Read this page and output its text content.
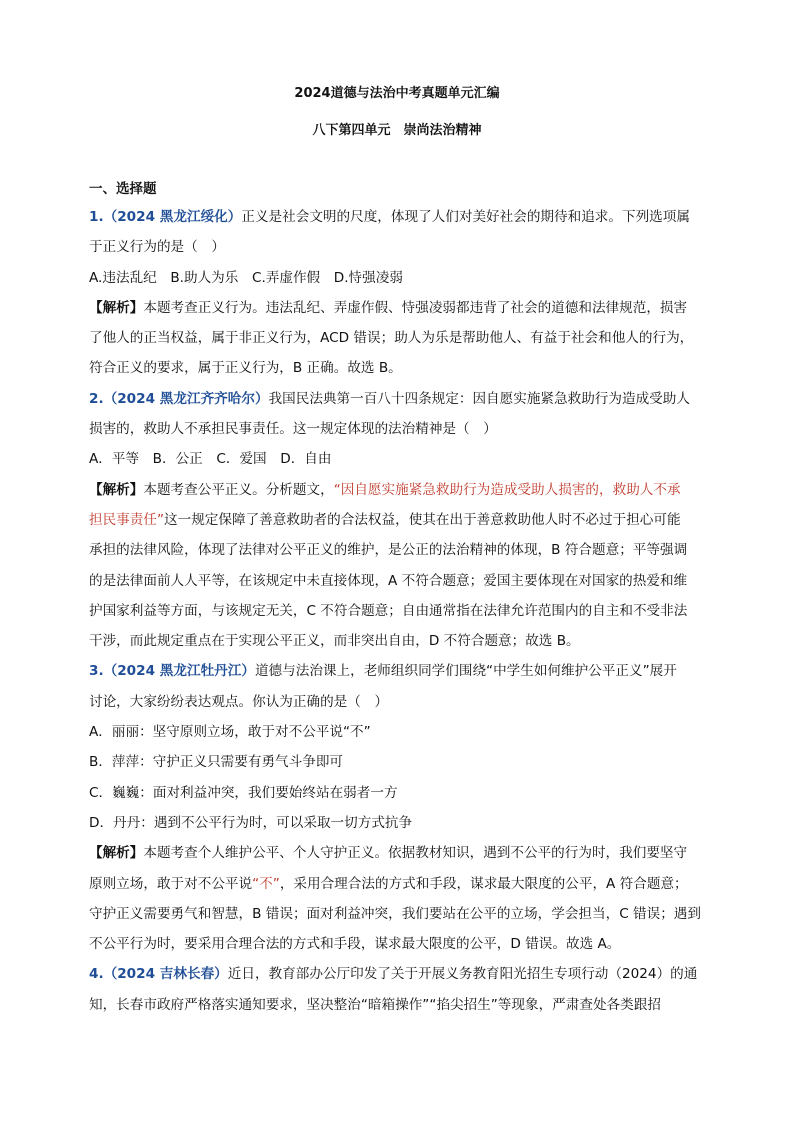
2024道德与法治中考真题单元汇编
八下第四单元　崇尚法治精神
一、选择题
1.（2024 黑龙江绥化）正义是社会文明的尺度，体现了人们对美好社会的期待和追求。下列选项属
于正义行为的是（　）
A.违法乱纪　B.助人为乐　C.弄虚作假　D.恃强凌弱
【解析】本题考查正义行为。违法乱纪、弄虚作假、恃强凌弱都违背了社会的道德和法律规范，损害
了他人的正当权益，属于非正义行为，ACD 错误；助人为乐是帮助他人、有益于社会和他人的行为，
符合正义的要求，属于正义行为，B 正确。故选 B。
2.（2024 黑龙江齐齐哈尔）我国民法典第一百八十四条规定：因自愿实施紧急救助行为造成受助人
损害的，救助人不承担民事责任。这一规定体现的法治精神是（　）
A．平等　B．公正　C．爱国　D．自由
【解析】本题考查公平正义。分析题文，“因自愿实施紧急救助行为造成受助人损害的，救助人不承
担民事责任”这一规定保障了善意救助者的合法权益，使其在出于善意救助他人时不必过于担心可能
承担的法律风险，体现了法律对公平正义的维护，是公正的法治精神的体现，B 符合题意；平等强调
的是法律面前人人平等，在该规定中未直接体现，A 不符合题意；爱国主要体现在对国家的热爱和维
护国家利益等方面，与该规定无关，C 不符合题意；自由通常指在法律允许范围内的自主和不受非法
干涉，而此规定重点在于实现公平正义，而非突出自由，D 不符合题意；故选 B。
3.（2024 黑龙江牡丹江）道德与法治课上，老师组织同学们围绕“中学生如何维护公平正义”展开
讨论，大家纷纷表达观点。你认为正确的是（　）
A．丽丽：坚守原则立场，敢于对不公平说“不”
B．萍萍：守护正义只需要有勇气斗争即可
C．巍巍：面对利益冲突，我们要始终站在弱者一方
D．丹丹：遇到不公平行为时，可以采取一切方式抗争
【解析】本题考查个人维护公平、个人守护正义。依据教材知识，遇到不公平的行为时，我们要坚守
原则立场，敢于对不公平说“不”，采用合理合法的方式和手段，谋求最大限度的公平，A 符合题意；
守护正义需要勇气和智慧，B 错误；面对利益冲突，我们要站在公平的立场，学会担当，C 错误；遇到
不公平行为时，要采用合理合法的方式和手段，谋求最大限度的公平，D 错误。故选 A。
4.（2024 吉林长春）近日，教育部办公厅印发了关于开展义务教育阳光招生专项行动（2024）的通
知，长春市政府严格落实通知要求，坚决整治“暗箱操作”“掐尖招生”等现象，严肃查处各类跟招
